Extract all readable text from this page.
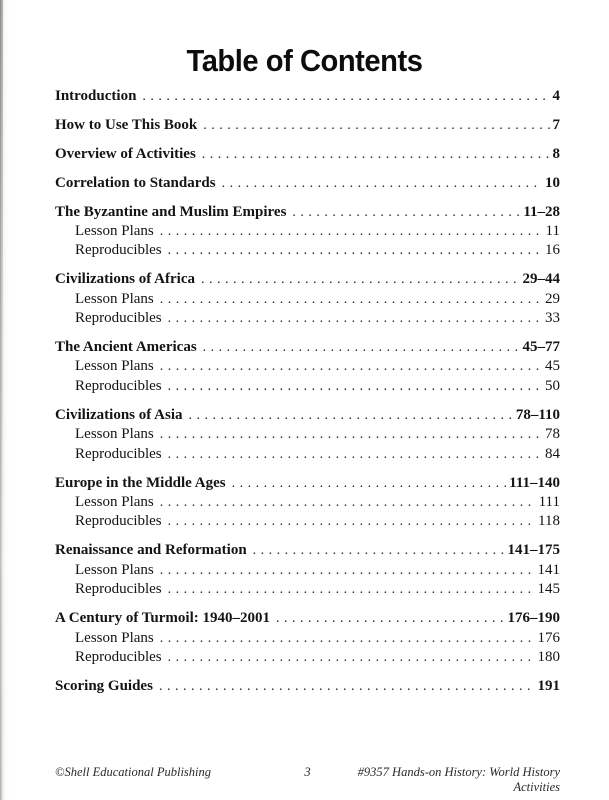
Table of Contents
Introduction . . .	4
How to Use This Book . . .	7
Overview of Activities . . .	8
Correlation to Standards . . .	10
The Byzantine and Muslim Empires . . .	11–28
Lesson Plans . . .	11
Reproducibles . . .	16
Civilizations of Africa . . .	29–44
Lesson Plans . . .	29
Reproducibles . . .	33
The Ancient Americas . . .	45–77
Lesson Plans . . .	45
Reproducibles . . .	50
Civilizations of Asia . . .	78–110
Lesson Plans . . .	78
Reproducibles . . .	84
Europe in the Middle Ages . . .	111–140
Lesson Plans . . .	111
Reproducibles . . .	118
Renaissance and Reformation . . .	141–175
Lesson Plans . . .	141
Reproducibles . . .	145
A Century of Turmoil: 1940–2001 . . .	176–190
Lesson Plans . . .	176
Reproducibles . . .	180
Scoring Guides . . .	191
©Shell Educational Publishing	3	#9357 Hands-on History: World History Activities
